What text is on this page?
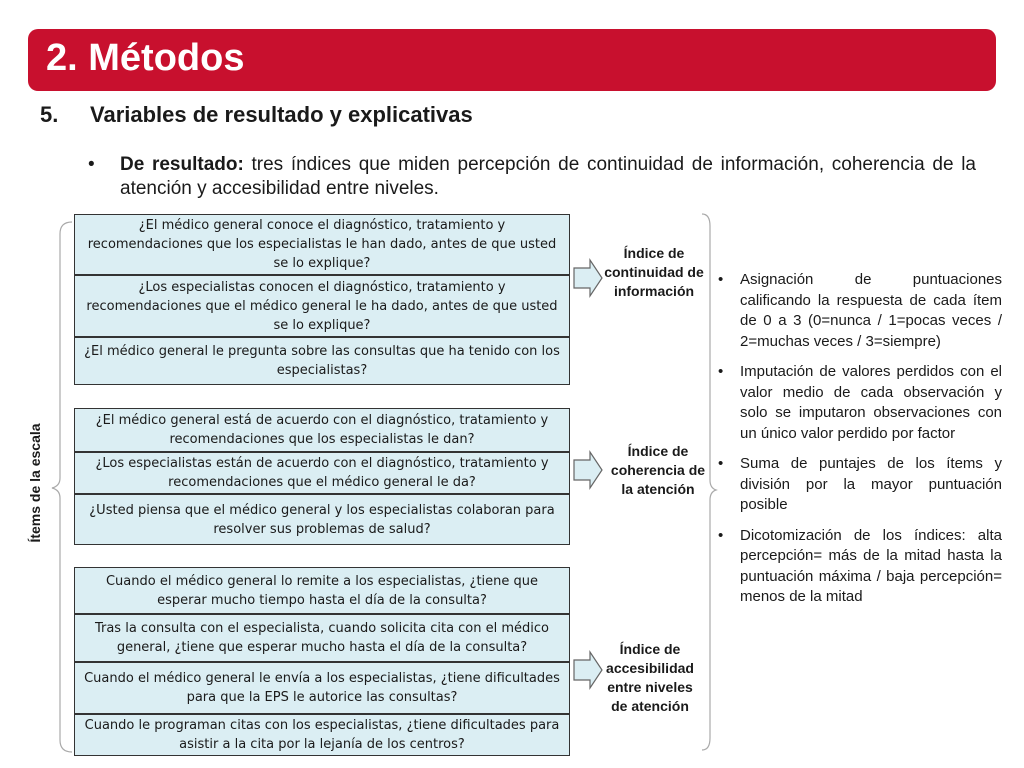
2. Métodos
5. Variables de resultado y explicativas
• De resultado: tres índices que miden percepción de continuidad de información, coherencia de la atención y accesibilidad entre niveles.
Ítems de la escala
¿El médico general conoce el diagnóstico, tratamiento y recomendaciones que los especialistas le han dado, antes de que usted se lo explique?
¿Los especialistas conocen el diagnóstico, tratamiento y recomendaciones que el médico general le ha dado, antes de que usted se lo explique?
¿El médico general le pregunta sobre las consultas que ha tenido con los especialistas?
¿El médico general está de acuerdo con el diagnóstico, tratamiento y recomendaciones que los especialistas le dan?
¿Los especialistas están de acuerdo con el diagnóstico, tratamiento y recomendaciones que el médico general le da?
¿Usted piensa que el médico general y los especialistas colaboran para resolver sus problemas de salud?
Cuando el médico general lo remite a los especialistas, ¿tiene que esperar mucho tiempo hasta el día de la consulta?
Tras la consulta con el especialista, cuando solicita cita con el médico general, ¿tiene que esperar mucho hasta el día de la consulta?
Cuando el médico general le envía a los especialistas, ¿tiene dificultades para que la EPS le autorice las consultas?
Cuando le programan citas con los especialistas, ¿tiene dificultades para asistir a la cita por la lejanía de los centros?
Índice de continuidad de información
Índice de coherencia de la atención
Índice de accesibilidad entre niveles de atención
• Asignación de puntuaciones calificando la respuesta de cada ítem de 0 a 3 (0=nunca / 1=pocas veces / 2=muchas veces / 3=siempre)
• Imputación de valores perdidos con el valor medio de cada observación y solo se imputaron observaciones con un único valor perdido por factor
• Suma de puntajes de los ítems y división por la mayor puntuación posible
• Dicotomización de los índices: alta percepción= más de la mitad hasta la puntuación máxima / baja percepción= menos de la mitad
